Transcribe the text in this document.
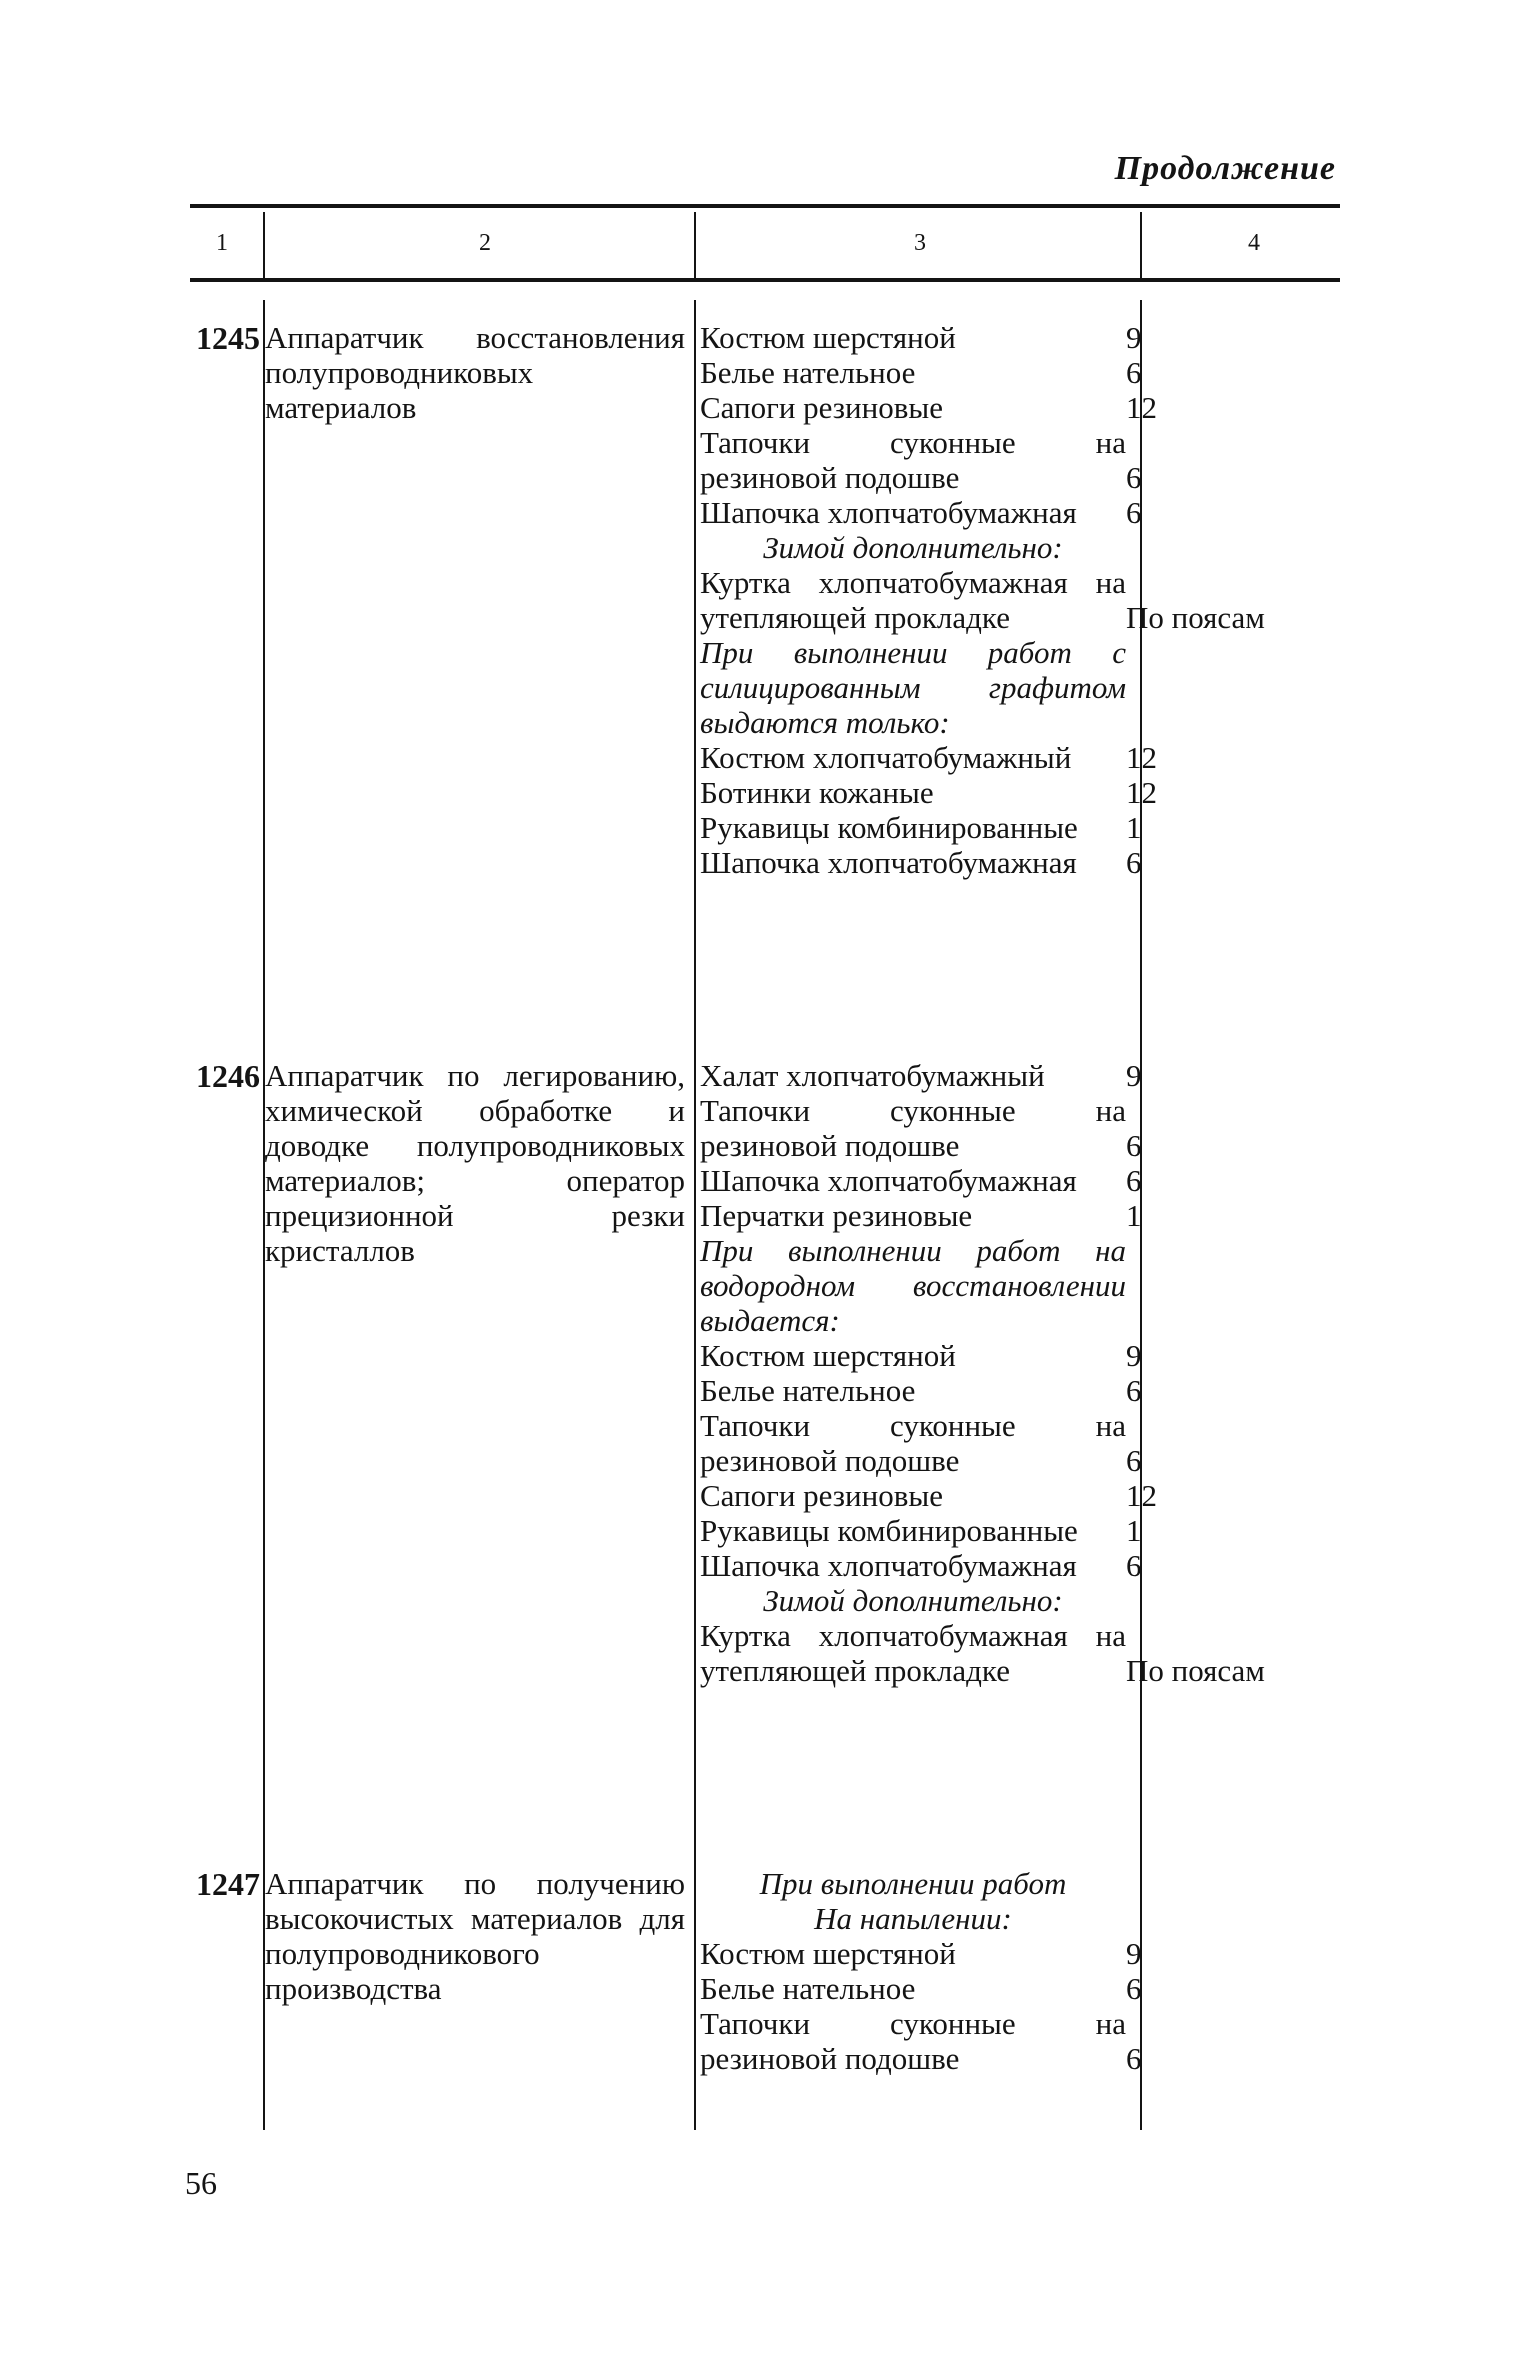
Продолжение
1	2	3	4
1245 Аппаратчик восстановления полупроводниковых материалов
Костюм шерстяной	9
Белье нательное	6
Сапоги резиновые	12
Тапочки суконные на резиновой подошве	6
Шапочка хлопчатобумажная 6
Зимой дополнительно:
Куртка хлопчатобумажная на утепляющей прокладке	По поясам
При выполнении работ с силицированным графитом выдаются только:
Костюм хлопчатобумажный 12
Ботинки кожаные	12
Рукавицы комбинированные 1
Шапочка хлопчатобумажная 6
1246 Аппаратчик по легированию, химической обработке и доводке полупроводниковых материалов; оператор прецизионной резки кристаллов
Халат хлопчатобумажный	9
Тапочки суконные на резиновой подошве	6
Шапочка хлопчатобумажная 6
Перчатки резиновые	1
При выполнении работ на водородном восстановлении выдается:
Костюм шерстяной	9
Белье нательное	6
Тапочки суконные на резиновой подошве	6
Сапоги резиновые	12
Рукавицы комбинированные 1
Шапочка хлопчатобумажная 6
Зимой дополнительно:
Куртка хлопчатобумажная на утепляющей прокладке	По поясам
1247 Аппаратчик по получению высокочистых материалов для полупроводникового производства
При выполнении работ
На напылении:
Костюм шерстяной	9
Белье нательное	6
Тапочки суконные на резиновой подошве	6
56
